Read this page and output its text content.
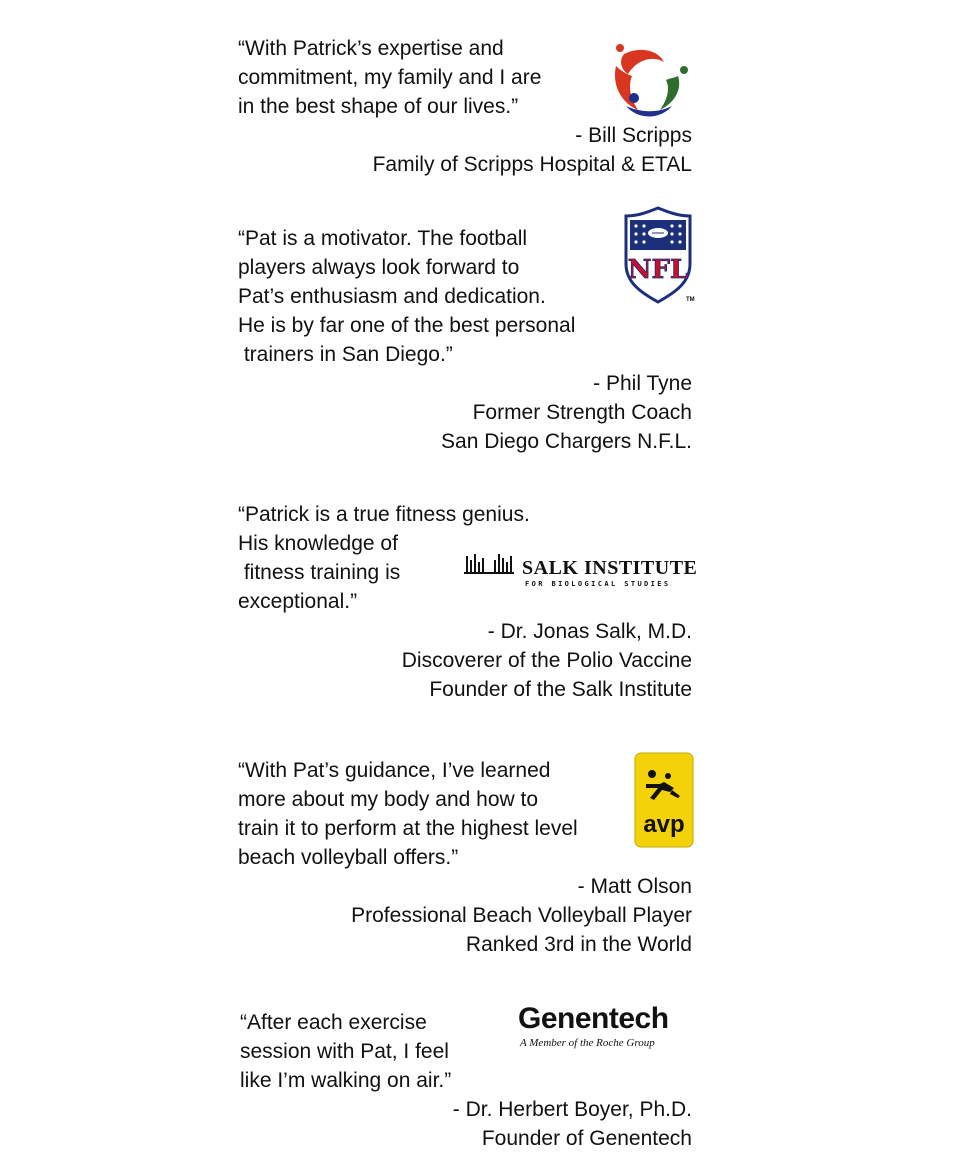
“With Patrick’s expertise and
commitment, my family and I are
in the best shape of our lives.”
- Bill Scripps
Family of Scripps Hospital & ETAL
“Pat is a motivator. The football
players always look forward to
Pat’s enthusiasm and dedication.
He is by far one of the best personal
trainers in San Diego.”
- Phil Tyne
Former Strength Coach
San Diego Chargers N.F.L.
NFL
TM
“Patrick is a true fitness genius.
His knowledge of
fitness training is
exceptional.”
- Dr. Jonas Salk, M.D.
Discoverer of the Polio Vaccine
Founder of the Salk Institute
SALK INSTITUTE
FOR BIOLOGICAL STUDIES
“With Pat’s guidance, I’ve learned
more about my body and how to
train it to perform at the highest level
beach volleyball offers.”
- Matt Olson
Professional Beach Volleyball Player
Ranked 3rd in the World
avp
“After each exercise
session with Pat, I feel
like I’m walking on air.”
- Dr. Herbert Boyer, Ph.D.
Founder of Genentech
Genentech
A Member of the Roche Group
